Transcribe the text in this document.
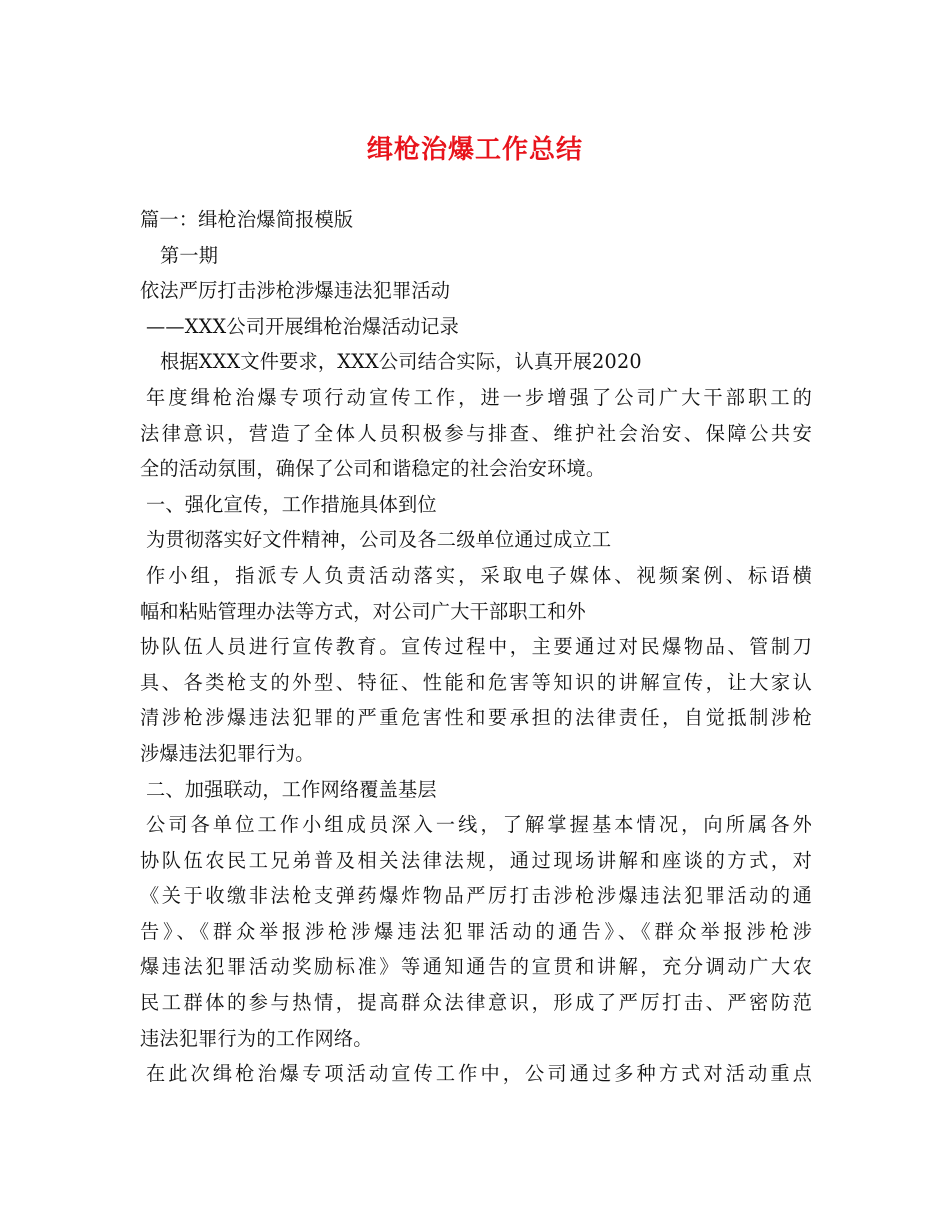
缉枪治爆工作总结
篇一：缉枪治爆简报模版
第一期
依法严厉打击涉枪涉爆违法犯罪活动
——XXX公司开展缉枪治爆活动记录
根据XXX文件要求，XXX公司结合实际，认真开展2020
年度缉枪治爆专项行动宣传工作，进一步增强了公司广大干部职工的
法律意识，营造了全体人员积极参与排查、维护社会治安、保障公共安
全的活动氛围，确保了公司和谐稳定的社会治安环境。
一、强化宣传，工作措施具体到位
为贯彻落实好文件精神，公司及各二级单位通过成立工
作小组，指派专人负责活动落实，采取电子媒体、视频案例、标语横
幅和粘贴管理办法等方式，对公司广大干部职工和外
协队伍人员进行宣传教育。宣传过程中，主要通过对民爆物品、管制刀
具、各类枪支的外型、特征、性能和危害等知识的讲解宣传，让大家认
清涉枪涉爆违法犯罪的严重危害性和要承担的法律责任，自觉抵制涉枪
涉爆违法犯罪行为。
二、加强联动，工作网络覆盖基层
公司各单位工作小组成员深入一线，了解掌握基本情况，向所属各外
协队伍农民工兄弟普及相关法律法规，通过现场讲解和座谈的方式，对
《关于收缴非法枪支弹药爆炸物品严厉打击涉枪涉爆违法犯罪活动的通
告》、《群众举报涉枪涉爆违法犯罪活动的通告》、《群众举报涉枪涉
爆违法犯罪活动奖励标准》等通知通告的宣贯和讲解，充分调动广大农
民工群体的参与热情，提高群众法律意识，形成了严厉打击、严密防范
违法犯罪行为的工作网络。
在此次缉枪治爆专项活动宣传工作中，公司通过多种方式对活动重点
